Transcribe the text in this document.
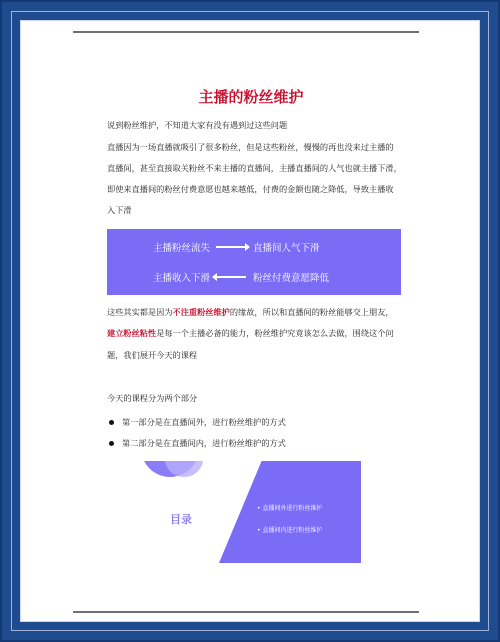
主播的粉丝维护
说到粉丝维护，不知道大家有没有遇到过这些问题
直播因为一场直播就吸引了很多粉丝，但是这些粉丝，慢慢的再也没来过主播的
直播间，甚至直接取关粉丝不来主播的直播间，主播直播间的人气也就主播下滑，
即使来直播间的粉丝付费意愿也越来越低，付费的金额也随之降低，导致主播收
入下滑
主播粉丝流失	直播间人气下滑
主播收入下滑	粉丝付费意愿降低
这些其实都是因为不注重粉丝维护的缘故，所以和直播间的粉丝能够交上朋友，
建立粉丝粘性是每一个主播必备的能力，粉丝维护究竟该怎么去做，围绕这个问
题，我们展开今天的课程
今天的课程分为两个部分
第一部分是在直播间外，进行粉丝维护的方式
第二部分是在直播间内，进行粉丝维护的方式
目录
• 直播间外进行粉丝维护
• 直播间内进行粉丝维护
